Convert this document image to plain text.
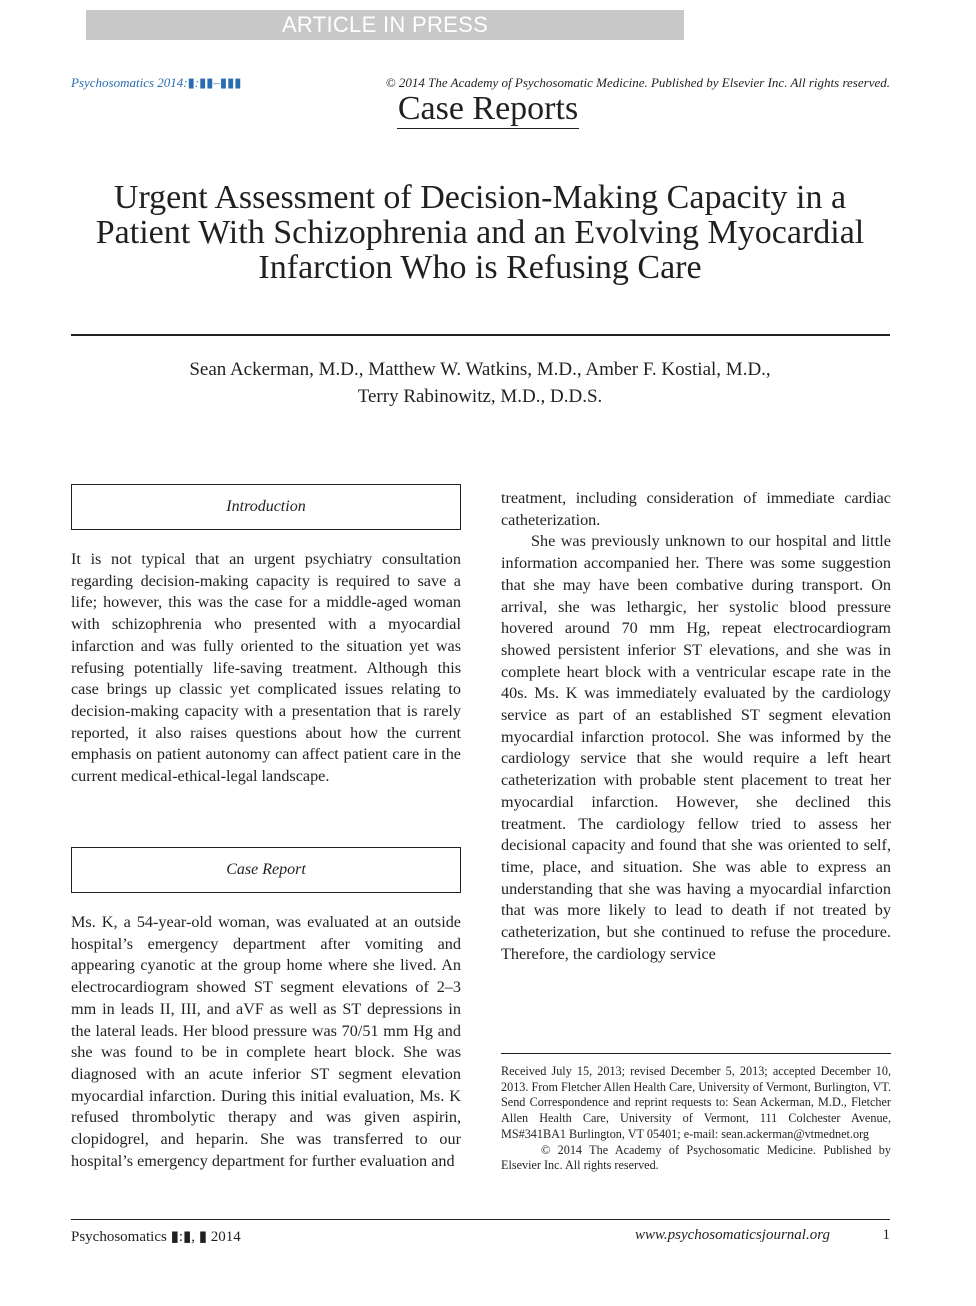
ARTICLE IN PRESS
Psychosomatics 2014:▮:▮▮–▮▮▮	© 2014 The Academy of Psychosomatic Medicine. Published by Elsevier Inc. All rights reserved.
Case Reports
Urgent Assessment of Decision-Making Capacity in a
Patient With Schizophrenia and an Evolving Myocardial
Infarction Who is Refusing Care
Sean Ackerman, M.D., Matthew W. Watkins, M.D., Amber F. Kostial, M.D.,
Terry Rabinowitz, M.D., D.D.S.
Introduction

It is not typical that an urgent psychiatry consultation regarding decision-making capacity is required to save a life; however, this was the case for a middle-aged woman with schizophrenia who presented with a myocardial infarction and was fully oriented to the situation yet was refusing potentially life-saving treatment. Although this case brings up classic yet complicated issues relating to decision-making capacity with a presentation that is rarely reported, it also raises questions about how the current emphasis on patient autonomy can affect patient care in the current medical-ethical-legal landscape.

Case Report

Ms. K, a 54-year-old woman, was evaluated at an outside hospital’s emergency department after vomiting and appearing cyanotic at the group home where she lived. An electrocardiogram showed ST segment elevations of 2–3 mm in leads II, III, and aVF as well as ST depressions in the lateral leads. Her blood pressure was 70/51 mm Hg and she was found to be in complete heart block. She was diagnosed with an acute inferior ST segment elevation myocardial infarction. During this initial evaluation, Ms. K refused thrombolytic therapy and was given aspirin, clopidogrel, and heparin. She was transferred to our hospital’s emergency department for further evaluation and

treatment, including consideration of immediate cardiac catheterization.

She was previously unknown to our hospital and little information accompanied her. There was some suggestion that she may have been combative during transport. On arrival, she was lethargic, her systolic blood pressure hovered around 70 mm Hg, repeat electrocardiogram showed persistent inferior ST elevations, and she was in complete heart block with a ventricular escape rate in the 40s. Ms. K was immediately evaluated by the cardiology service as part of an established ST segment elevation myocardial infarction protocol. She was informed by the cardiology service that she would require a left heart catheterization with probable stent placement to treat her myocardial infarction. However, she declined this treatment. The cardiology fellow tried to assess her decisional capacity and found that she was oriented to self, time, place, and situation. She was able to express an understanding that she was having a myocardial infarction that was more likely to lead to death if not treated by catheterization, but she continued to refuse the procedure. Therefore, the cardiology service

Received July 15, 2013; revised December 5, 2013; accepted December 10, 2013. From Fletcher Allen Health Care, University of Vermont, Burlington, VT. Send Correspondence and reprint requests to: Sean Ackerman, M.D., Fletcher Allen Health Care, University of Vermont, 111 Colchester Avenue, MS#341BA1 Burlington, VT 05401; e-mail: sean.ackerman@vtmednet.org

© 2014 The Academy of Psychosomatic Medicine. Published by Elsevier Inc. All rights reserved.

Psychosomatics ▮:▮, ▮ 2014	www.psychosomaticsjournal.org	1
